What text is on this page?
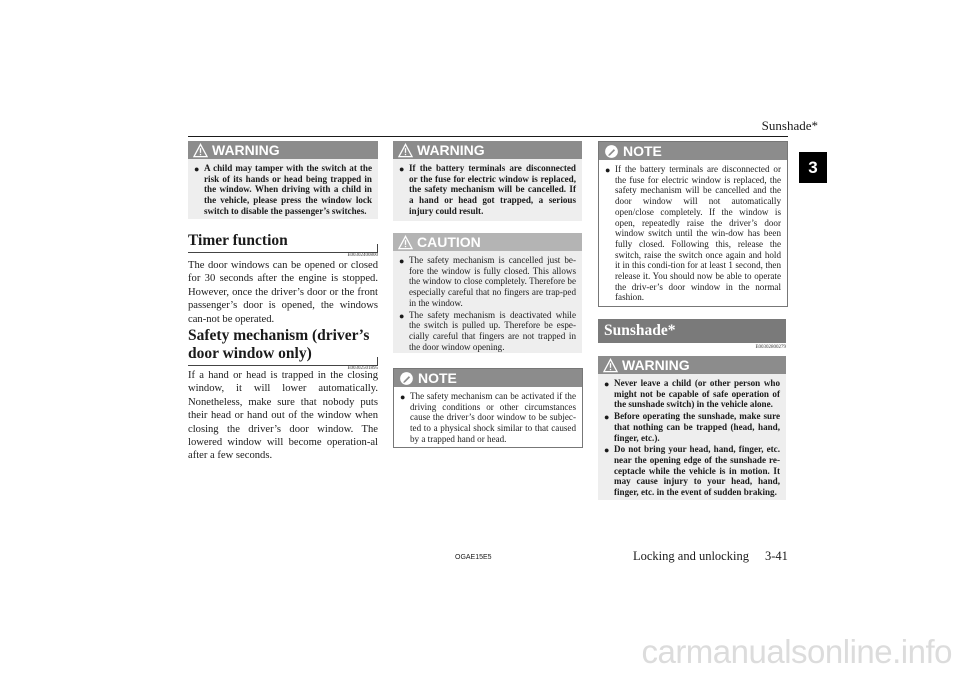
Sunshade*
3
WARNING
● A child may tamper with the switch at the risk of its hands or head being trapped in the window. When driving with a child in the vehicle, please press the window lock switch to disable the passenger’s switches.
Timer function
E00302400800
The door windows can be opened or closed for 30 seconds after the engine is stopped. However, once the driver’s door or the front passenger’s door is opened, the windows can-not be operated.
Safety mechanism (driver’s door window only)
E00302501895
If a hand or head is trapped in the closing window, it will lower automatically. Nonetheless, make sure that nobody puts their head or hand out of the window when closing the driver’s door window. The lowered window will become operation-al after a few seconds.
WARNING
● If the battery terminals are disconnected or the fuse for electric window is replaced, the safety mechanism will be cancelled. If a hand or head got trapped, a serious injury could result.
CAUTION
● The safety mechanism is cancelled just be-fore the window is fully closed. This allows the window to close completely. Therefore be especially careful that no fingers are trap-ped in the window.
● The safety mechanism is deactivated while the switch is pulled up. Therefore be espe-cially careful that fingers are not trapped in the door window opening.
NOTE
● The safety mechanism can be activated if the driving conditions or other circumstances cause the driver’s door window to be subjec-ted to a physical shock similar to that caused by a trapped hand or head.
NOTE
● If the battery terminals are disconnected or the fuse for electric window is replaced, the safety mechanism will be cancelled and the door window will not automatically open/close completely. If the window is open, repeatedly raise the driver’s door window switch until the win-dow has been fully closed. Following this, release the switch, raise the switch once again and hold it in this condi-tion for at least 1 second, then release it. You should now be able to operate the driv-er’s door window in the normal fashion.
Sunshade*
E00302800279
WARNING
● Never leave a child (or other person who might not be capable of safe operation of the sunshade switch) in the vehicle alone.
● Before operating the sunshade, make sure that nothing can be trapped (head, hand, finger, etc.).
● Do not bring your head, hand, finger, etc. near the opening edge of the sunshade re-ceptacle while the vehicle is in motion. It may cause injury to your head, hand, finger, etc. in the event of sudden braking.
OGAE15E5	Locking and unlocking 3-41
carmanualsonline.info
